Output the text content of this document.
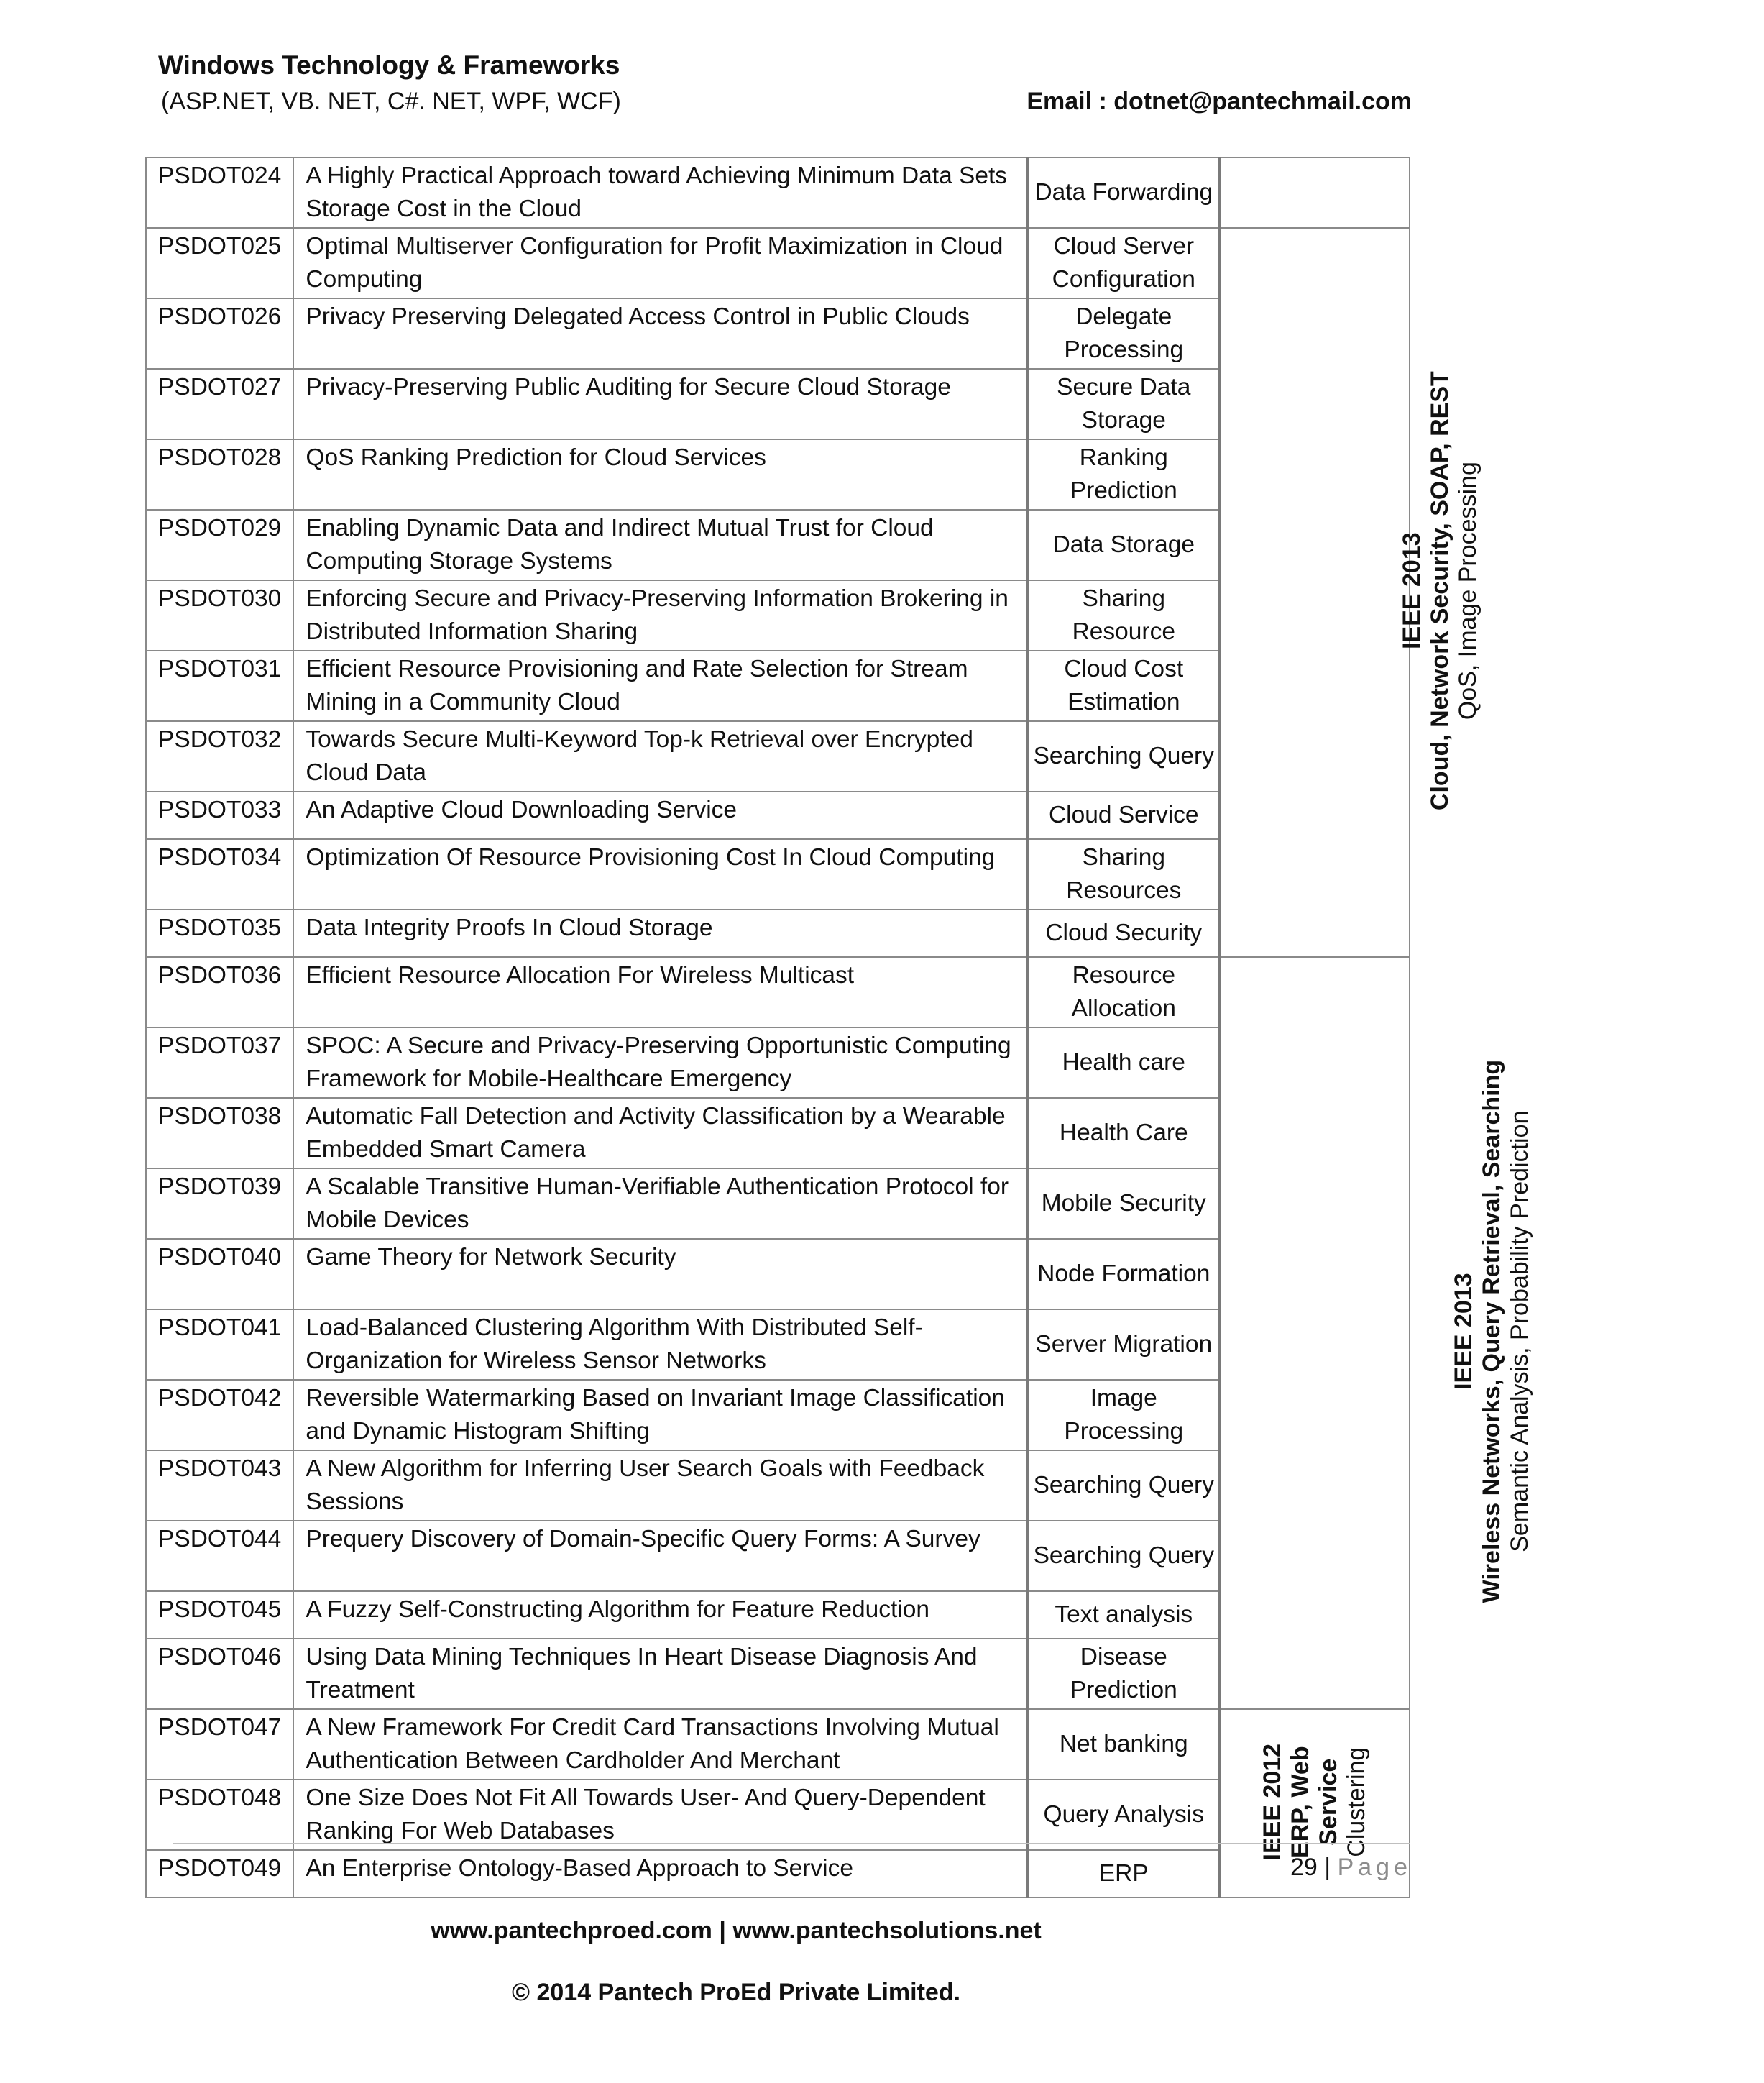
Windows Technology & Frameworks
(ASP.NET, VB. NET, C#. NET, WPF, WCF)	Email : dotnet@pantechmail.com
PSDOT024	A Highly Practical Approach toward Achieving Minimum Data Sets Storage Cost in the Cloud	Data Forwarding	
PSDOT025	Optimal Multiserver Configuration for Profit Maximization in Cloud Computing	Cloud Server Configuration	IEEE 2013 Cloud, Network Security, SOAP, REST QoS, Image Processing

PSDOT026	Privacy Preserving Delegated Access Control in Public Clouds	Delegate Processing	
PSDOT027	Privacy-Preserving Public Auditing for Secure Cloud Storage	Secure Data Storage	
PSDOT028	QoS Ranking Prediction for Cloud Services	Ranking Prediction	
PSDOT029	Enabling Dynamic Data and Indirect Mutual Trust for Cloud Computing Storage Systems	Data Storage	
PSDOT030	Enforcing Secure and Privacy-Preserving Information Brokering in Distributed Information Sharing	Sharing Resource	
PSDOT031	Efficient Resource Provisioning and Rate Selection for Stream Mining in a Community Cloud	Cloud Cost Estimation	
PSDOT032	Towards Secure Multi-Keyword Top-k Retrieval over Encrypted Cloud Data	Searching Query	
PSDOT033	An Adaptive Cloud Downloading Service	Cloud Service	
PSDOT034	Optimization Of Resource Provisioning Cost In Cloud Computing	Sharing Resources	
PSDOT035	Data Integrity Proofs In Cloud Storage	Cloud Security	
PSDOT036	Efficient Resource Allocation For Wireless Multicast	Resource Allocation	IEEE 2013 Wireless Networks, Query Retrieval, Searching Semantic Analysis, Probability Prediction

PSDOT037	SPOC: A Secure and Privacy-Preserving Opportunistic Computing Framework for Mobile-Healthcare Emergency	Health care	
PSDOT038	Automatic Fall Detection and Activity Classification by a Wearable Embedded Smart Camera	Health Care	
PSDOT039	A Scalable Transitive Human-Verifiable Authentication Protocol for Mobile Devices	Mobile Security	
PSDOT040	Game Theory for Network Security	Node Formation	
PSDOT041	Load-Balanced Clustering Algorithm With Distributed Self-Organization for Wireless Sensor Networks	Server Migration	
PSDOT042	Reversible Watermarking Based on Invariant Image Classification and Dynamic Histogram Shifting	Image Processing	
PSDOT043	A New Algorithm for Inferring User Search Goals with Feedback Sessions	Searching Query	
PSDOT044	Prequery Discovery of Domain-Specific Query Forms: A Survey	Searching Query	
PSDOT045	A Fuzzy Self-Constructing Algorithm for Feature Reduction	Text analysis	
PSDOT046	Using Data Mining Techniques In Heart Disease Diagnosis And Treatment	Disease Prediction	
PSDOT047	A New Framework For Credit Card Transactions Involving Mutual Authentication Between Cardholder And Merchant	Net banking	IEEE 2012 ERP, Web Service Clustering

PSDOT048	One Size Does Not Fit All Towards User- And Query-Dependent Ranking For Web Databases	Query Analysis	
PSDOT049	An Enterprise Ontology-Based Approach to Service	ERP		29 | Page
www.pantechproed.com | www.pantechsolutions.net
© 2014 Pantech ProEd Private Limited.
